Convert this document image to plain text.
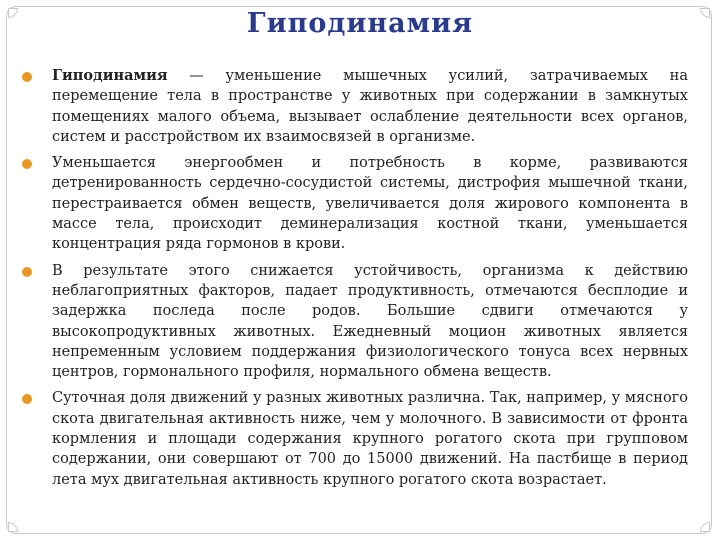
Гиподинамия

Гиподинамия — уменьшение мышечных усилий, затрачиваемых на перемещение тела в пространстве у животных при содержании в замкнутых помещениях малого объема, вызывает ослабление деятельности всех органов, систем и расстройством их взаимосвязей в организме.

Уменьшается энергообмен и потребность в корме, развиваются детренированность сердечно-сосудистой системы, дистрофия мышечной ткани, перестраивается обмен веществ, увеличивается доля жирового компонента в массе тела, происходит деминерализация костной ткани, уменьшается концентрация ряда гормонов в крови.

В результате этого снижается устойчивость, организма к действию неблагоприятных факторов, падает продуктивность, отмечаются бесплодие и задержка последа после родов. Большие сдвиги отмечаются у высокопродуктивных животных. Ежедневный моцион животных является непременным условием поддержания физиологического тонуса всех нервных центров, гормонального профиля, нормального обмена веществ.

Суточная доля движений у разных животных различна. Так, например, у мясного скота двигательная активность ниже, чем у молочного. В зависимости от фронта кормления и площади содержания крупного рогатого скота при групповом содержании, они совершают от 700 до 15000 движений. На пастбище в период лета мух двигательная активность крупного рогатого скота возрастает.
